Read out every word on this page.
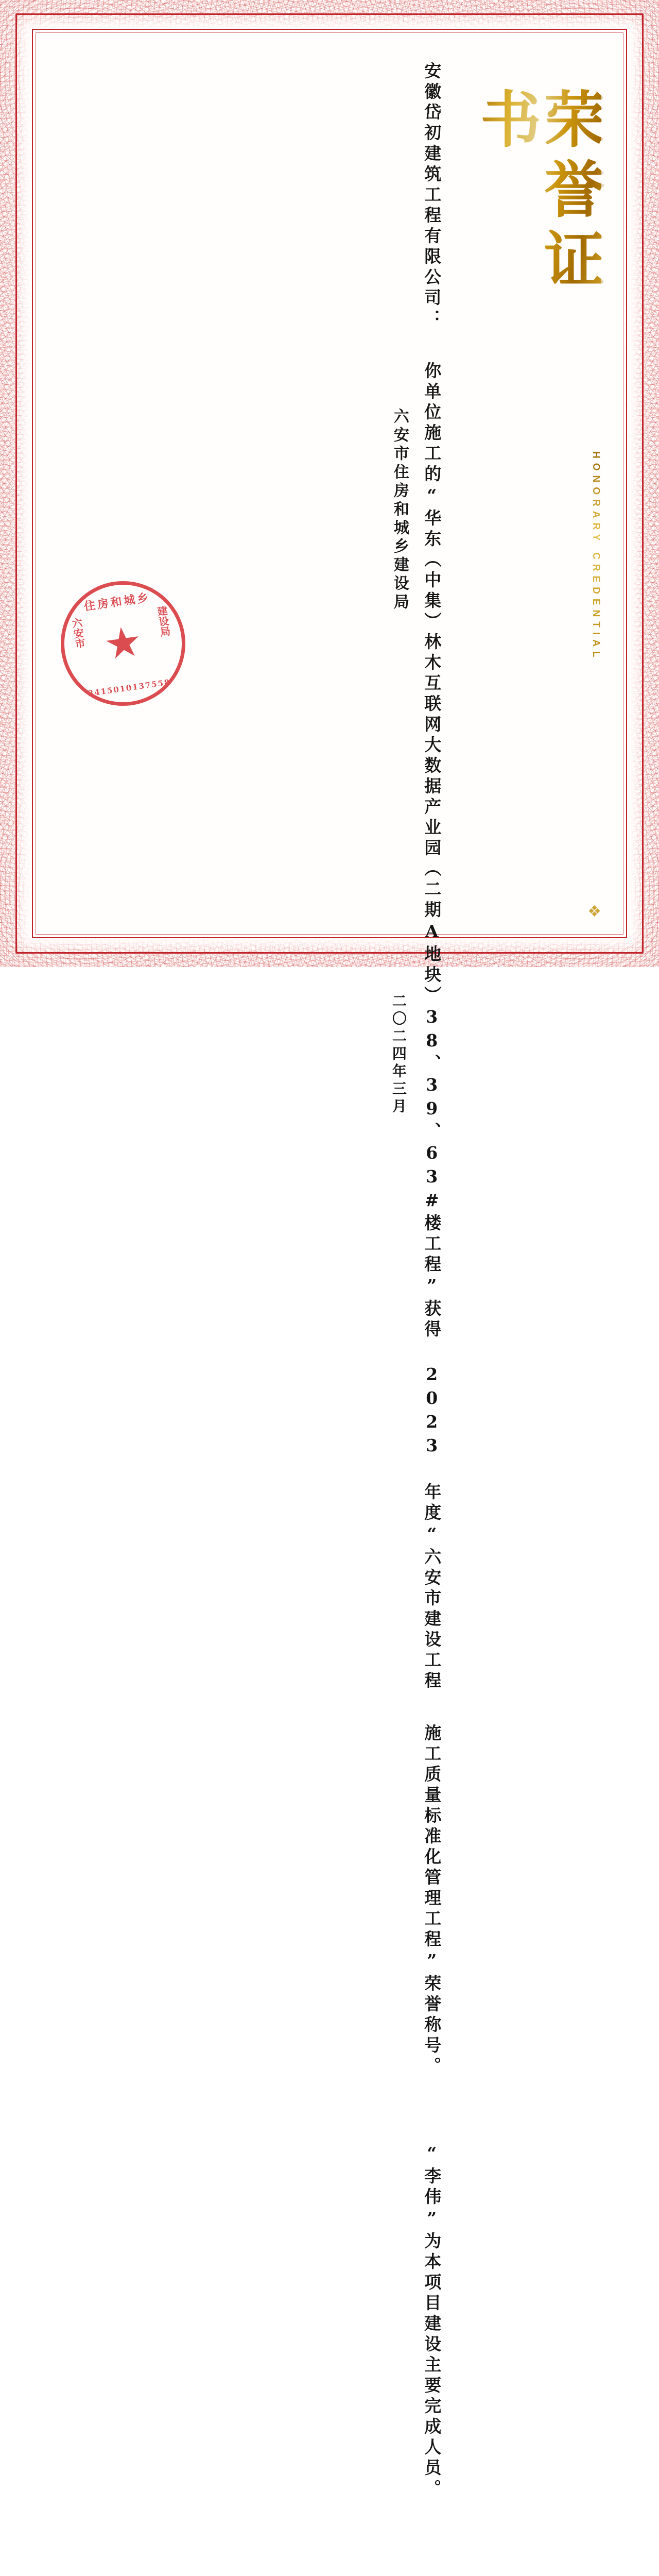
荣誉证书
HONORARY CREDENTIAL
❖
安徽岱初建筑工程有限公司：
你单位施工的“华东（中集）林木互联网大数据产业园（二期
A地块）38、39、63#楼工程”获得 2023 年度“六安市建设工程
施工质量标准化管理工程”荣誉称号。
“李伟”为本项目建设主要完成人员。
六安市住房和城乡建设局
二〇二四年三月
住房和城乡
六安市	建设局
3415010137558
